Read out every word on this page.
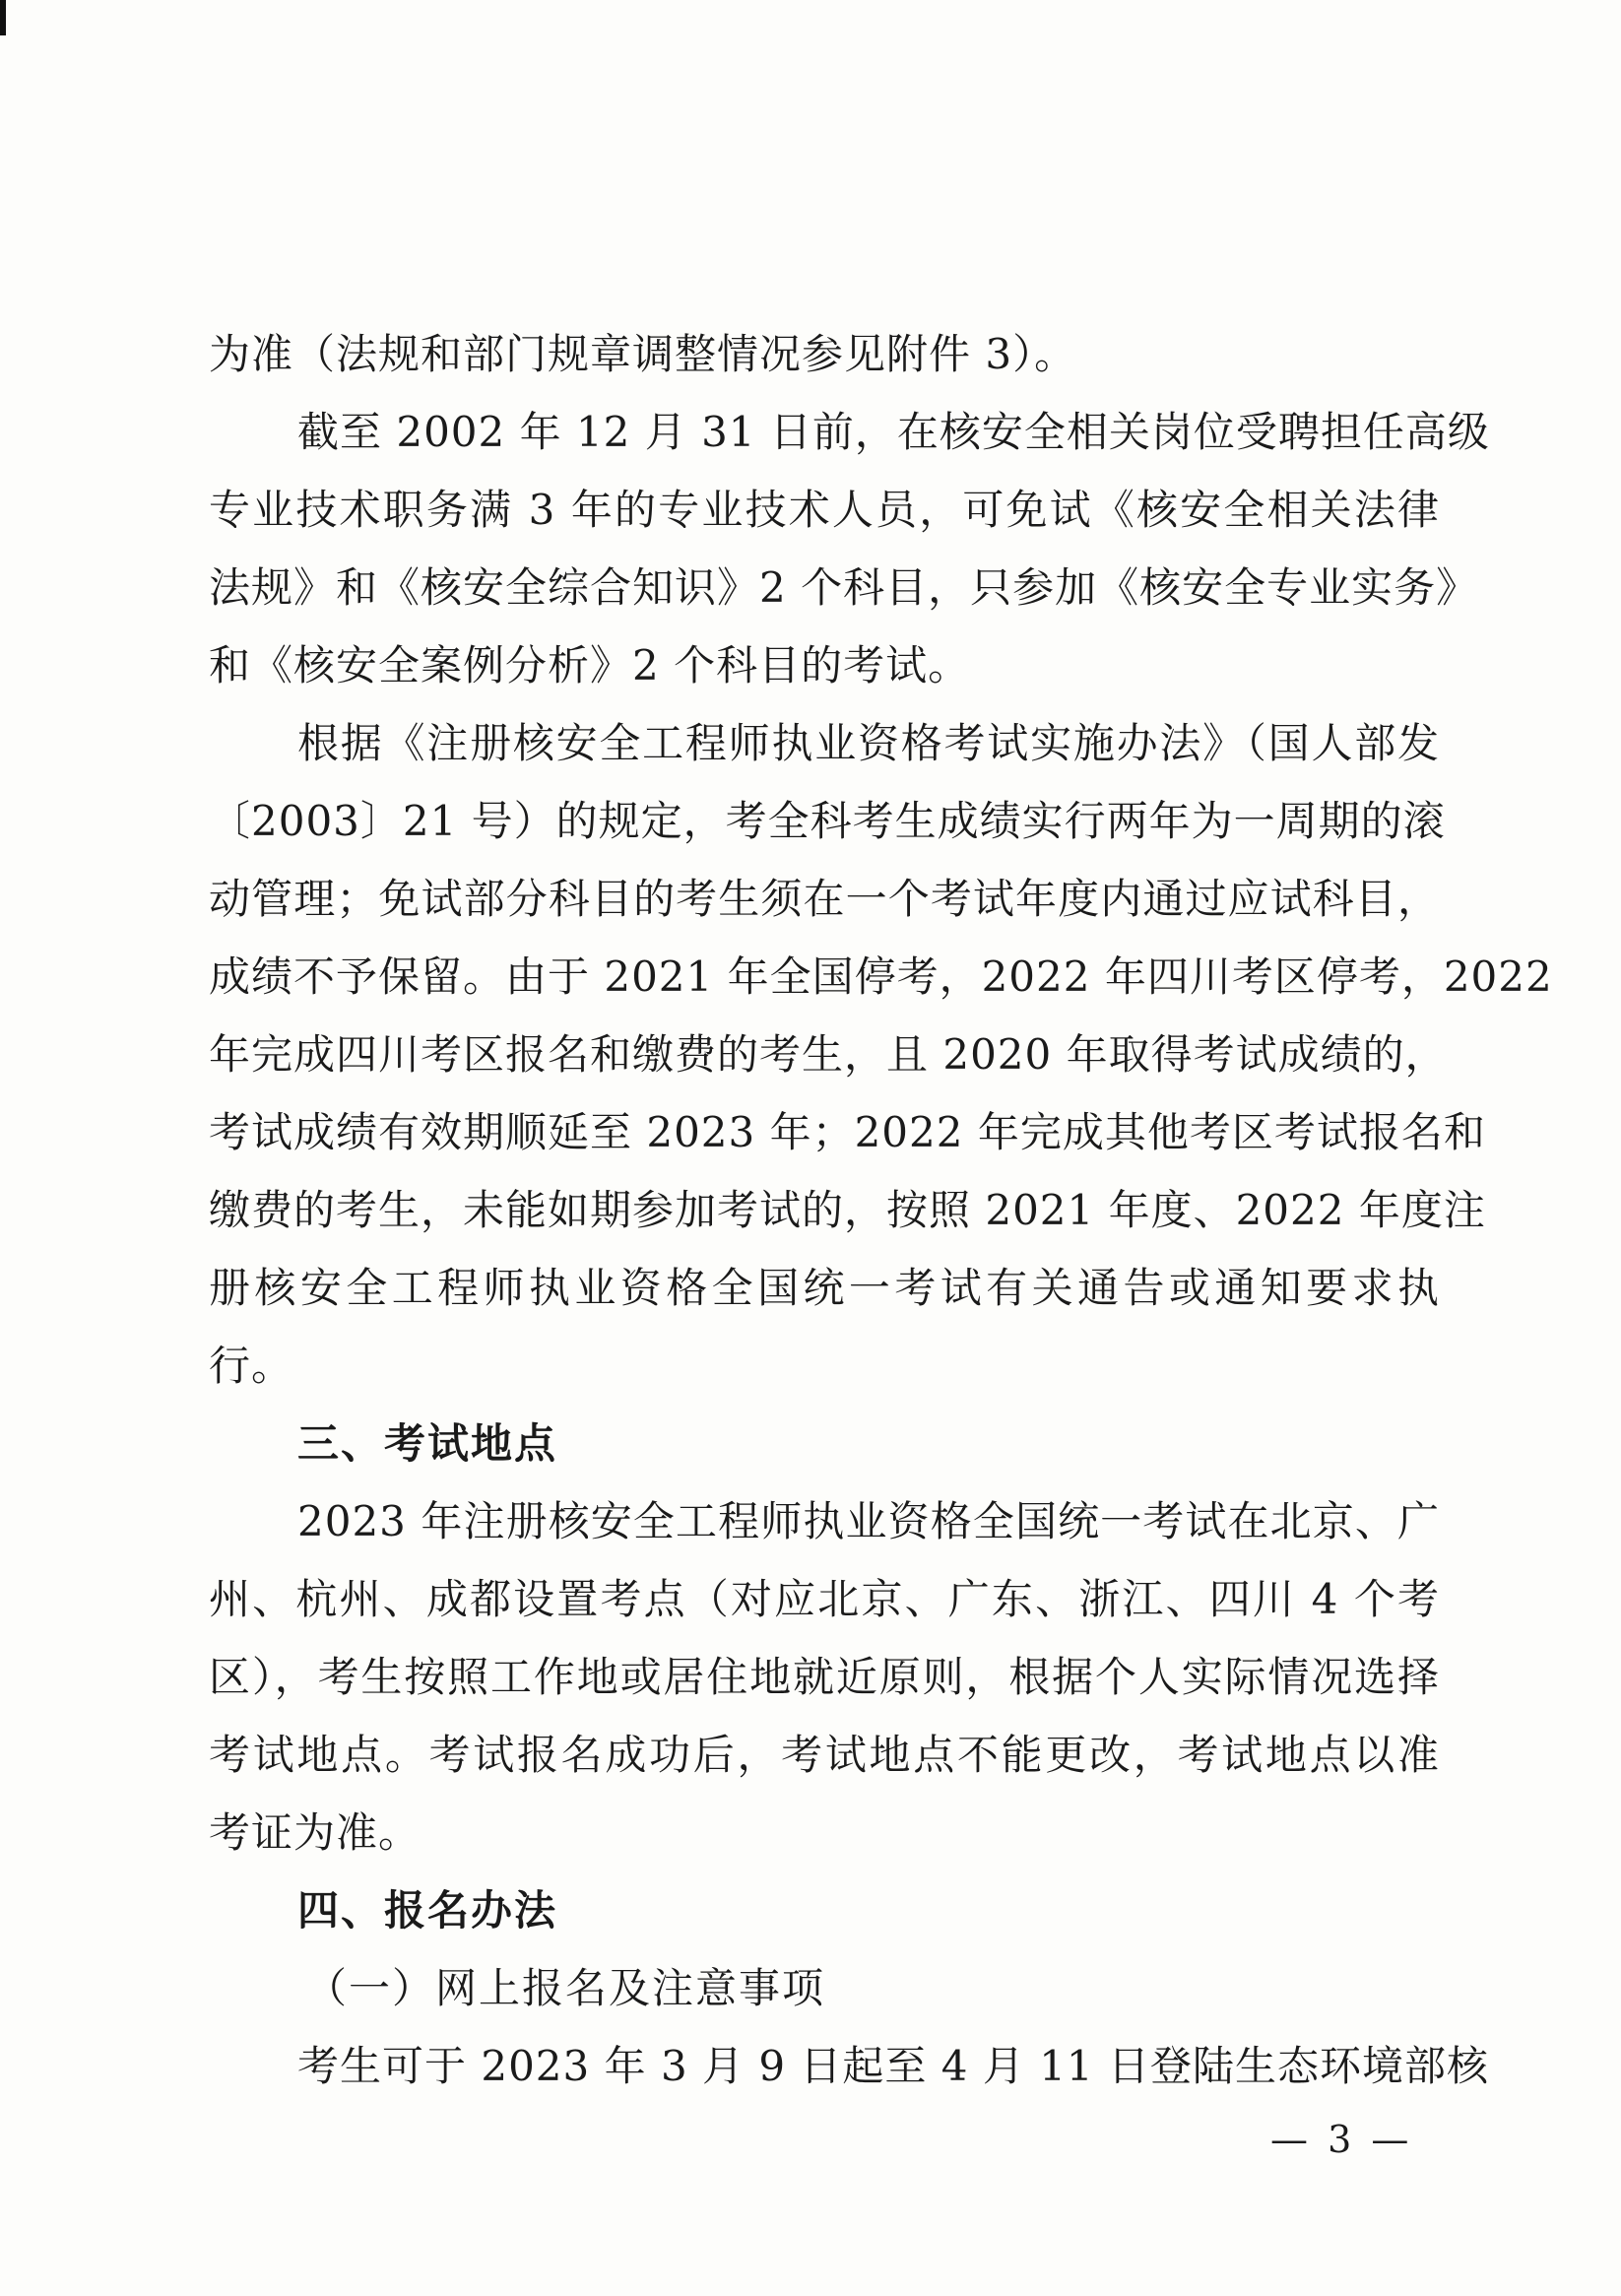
为准（法规和部门规章调整情况参见附件 3）。
截至 2002 年 12 月 31 日前，在核安全相关岗位受聘担任高级
专业技术职务满 3 年的专业技术人员，可免试《核安全相关法律
法规》和《核安全综合知识》2 个科目，只参加《核安全专业实务》
和《核安全案例分析》2 个科目的考试。
根据《注册核安全工程师执业资格考试实施办法》（国人部发
〔2003〕21 号）的规定，考全科考生成绩实行两年为一周期的滚
动管理；免试部分科目的考生须在一个考试年度内通过应试科目，
成绩不予保留。由于 2021 年全国停考，2022 年四川考区停考，2022
年完成四川考区报名和缴费的考生，且 2020 年取得考试成绩的，
考试成绩有效期顺延至 2023 年；2022 年完成其他考区考试报名和
缴费的考生，未能如期参加考试的，按照 2021 年度、2022 年度注
册核安全工程师执业资格全国统一考试有关通告或通知要求执
行。
三、考试地点
2023 年注册核安全工程师执业资格全国统一考试在北京、广
州、杭州、成都设置考点（对应北京、广东、浙江、四川 4 个考
区），考生按照工作地或居住地就近原则，根据个人实际情况选择
考试地点。考试报名成功后，考试地点不能更改，考试地点以准
考证为准。
四、报名办法
（一）网上报名及注意事项
考生可于 2023 年 3 月 9 日起至 4 月 11 日登陆生态环境部核
— 3 —
